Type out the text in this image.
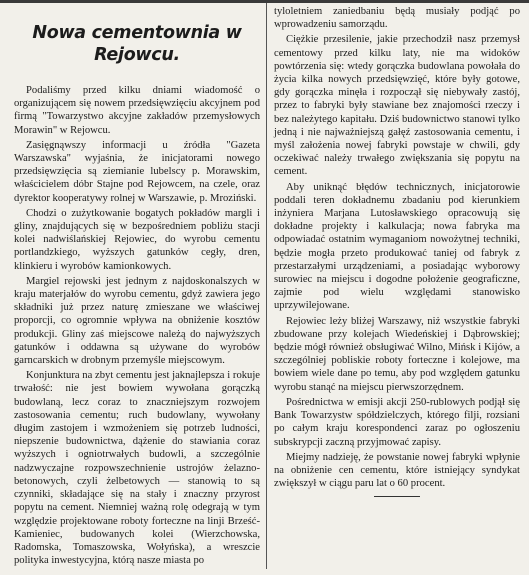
Nowa cementownia w Rejowcu.

Podaliśmy przed kilku dniami wiadomość o organizującem się nowem przedsięwzięciu akcyjnem pod firmą "Towarzystwo akcyjne zakładów przemysłowych Morawin" w Rejowcu.

Zasięgnąwszy informacji u źródła "Gazeta Warszawska" wyjaśnia, że inicjatorami nowego przedsięwzięcia są ziemianie lubelscy p. Morawskim, właścicielem dóbr Stajne pod Rejowcem, na czele, oraz dyrektor kooperatywy rolnej w Warszawie, p. Mroziński.

Chodzi o zużytkowanie bogatych pokładów margli i gliny, znajdujących się w bezpośredniem pobliżu stacji kolei nadwiślańskiej Rejowiec, do wyrobu cementu portlandzkiego, wyższych gatunków cegły, dren, klinkieru i wyrobów kamionkowych.

Margiel rejowski jest jednym z najdoskonalszych w kraju materjałów do wyrobu cementu, gdyż zawiera jego składniki już przez naturę zmieszane we właściwej proporcji, co ogromnie wpływa na obniżenie kosztów produkcji. Gliny zaś miejscowe należą do najwyższych gatunków i oddawna są używane do wyrobów garncarskich w drobnym przemyśle miejscowym.

Konjunktura na zbyt cementu jest jaknajlepsza i rokuje trwałość: nie jest bowiem wywołana gorączką budowlaną, lecz coraz to znaczniejszym rozwojem zastosowania cementu; ruch budowlany, wywołany długim zastojem i wzmożeniem się potrzeb ludności, niepszenie budownictwa, dążenie do stawiania coraz wyższych i ogniotrwałych budowli, a szczególnie nadzwyczajne rozpowszechnienie ustrojów żelazno-betonowych, czyli żelbetowych — stanowią to są czynniki, składające się na stały i znaczny przyrost popytu na cement. Niemniej ważną rolę odegrają w tym względzie projektowane roboty forteczne na linji Brześć-Kamieniec, budowanych kolei (Wierzchowska, Radomska, Tomaszowska, Wołyńska), a wreszcie polityka inwestycyjna, którą nasze miasta po

tyloletniem zaniedbaniu będą musiały podjąć po wprowadzeniu samorządu.

Ciężkie przesilenie, jakie przechodził nasz przemysł cementowy przed kilku laty, nie ma widoków powtórzenia się: wtedy gorączka budowlana powołała do życia kilka nowych przedsięwzięć, które były gotowe, gdy gorączka minęła i rozpoczął się niebywały zastój, przez to fabryki były stawiane bez znajomości rzeczy i bez należytego kapitału. Dziś budownictwo stanowi tylko jedną i nie najważniejszą gałęź zastosowania cementu, i myśl założenia nowej fabryki powstaje w chwili, gdy oczekiwać należy trwałego zwiększania się popytu na cement.

Aby uniknąć błędów technicznych, inicjatorowie poddali teren dokładnemu zbadaniu pod kierunkiem inżyniera Marjana Lutosławskiego opracowują się dokładne projekty i kalkulacja; nowa fabryka ma odpowiadać ostatnim wymaganiom nowożytnej techniki, będzie mogła przeto produkować taniej od fabryk z przestarzałymi urządzeniami, a posiadając wyborowy surowiec na miejscu i dogodne położenie geograficzne, zajmie pod wielu względami stanowisko uprzywilejowane.

Rejowiec leży bliżej Warszawy, niż wszystkie fabryki zbudowane przy kolejach Wiedeńskiej i Dąbrowskiej; będzie mógł również obsługiwać Wilno, Mińsk i Kijów, a szczególniej pobliskie roboty forteczne i kolejowe, ma bowiem wiele dane po temu, aby pod względem gatunku wyrobu stanąć na miejscu pierwszorzędnem.

Pośrednictwa w emisji akcji 250-rublowych podjął się Bank Towarzystw spółdzielczych, którego filji, rozsiani po całym kraju korespondenci zaraz po ogłoszeniu subskrypcji zaczną przyjmować zapisy.

Miejmy nadzieję, że powstanie nowej fabryki wpłynie na obniżenie cen cementu, które istniejący syndykat zwiększył w ciągu paru lat o 60 procent.
